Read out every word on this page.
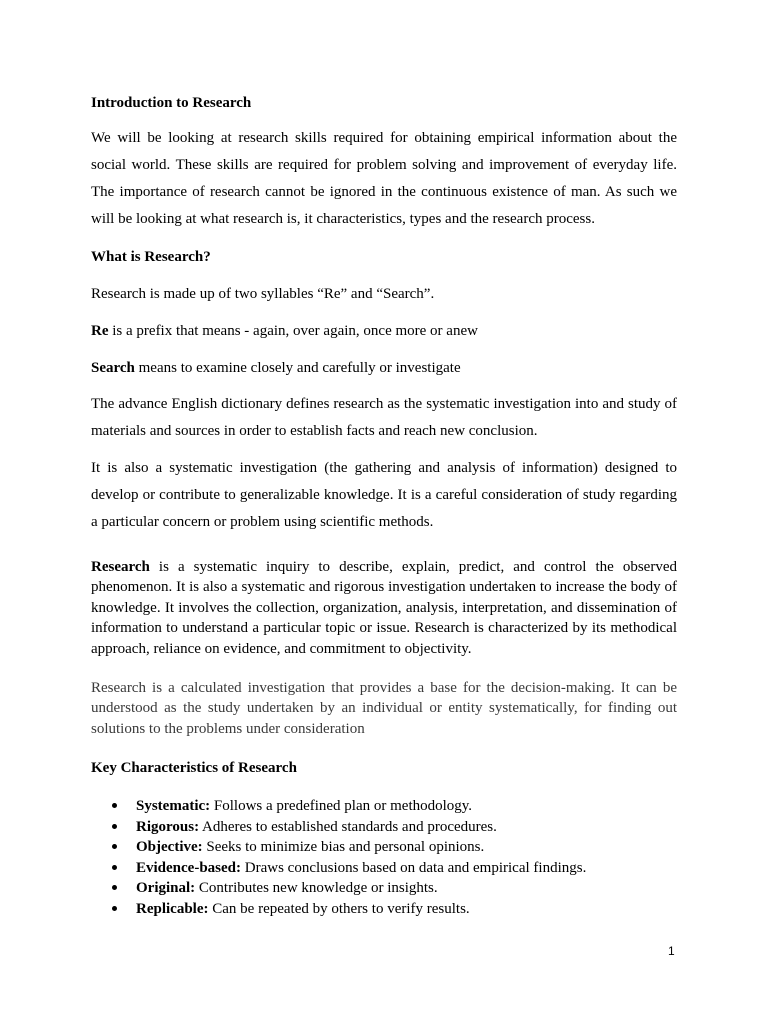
Introduction to Research

We will be looking at research skills required for obtaining empirical information about the social world. These skills are required for problem solving and improvement of everyday life. The importance of research cannot be ignored in the continuous existence of man. As such we will be looking at what research is, it characteristics, types and the research process.

What is Research?
Research is made up of two syllables “Re” and “Search”.
Re is a prefix that means - again, over again, once more or anew
Search means to examine closely and carefully or investigate

The advance English dictionary defines research as the systematic investigation into and study of materials and sources in order to establish facts and reach new conclusion.

It is also a systematic investigation (the gathering and analysis of information) designed to develop or contribute to generalizable knowledge. It is a careful consideration of study regarding a particular concern or problem using scientific methods.

Research is a systematic inquiry to describe, explain, predict, and control the observed phenomenon. It is also a systematic and rigorous investigation undertaken to increase the body of knowledge. It involves the collection, organization, analysis, interpretation, and dissemination of information to understand a particular topic or issue. Research is characterized by its methodical approach, reliance on evidence, and commitment to objectivity.

Research is a calculated investigation that provides a base for the decision-making. It can be understood as the study undertaken by an individual or entity systematically, for finding out solutions to the problems under consideration

Key Characteristics of Research
Systematic: Follows a predefined plan or methodology.
Rigorous: Adheres to established standards and procedures.
Objective: Seeks to minimize bias and personal opinions.
Evidence-based: Draws conclusions based on data and empirical findings.
Original: Contributes new knowledge or insights.
Replicable: Can be repeated by others to verify results.
1
